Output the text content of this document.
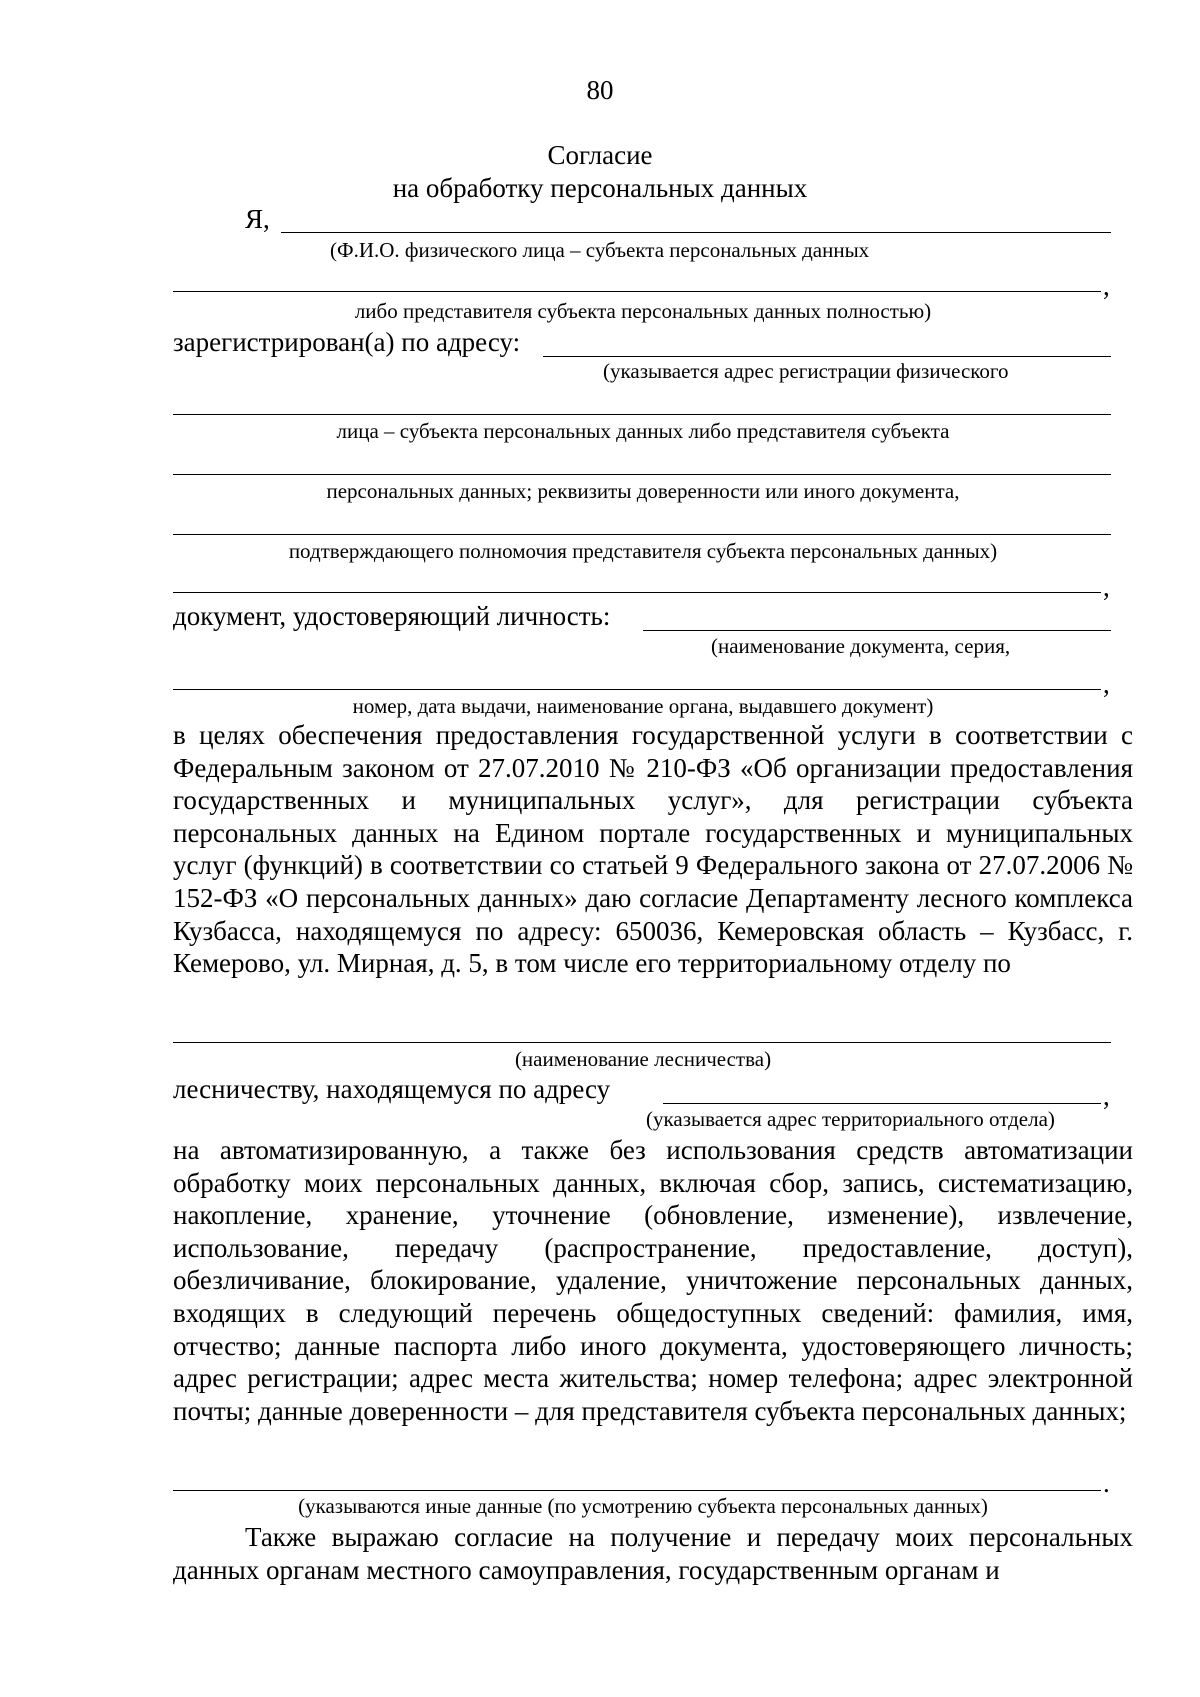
80
Согласие
на обработку персональных данных
Я,
(Ф.И.О. физического лица – субъекта персональных данных
,
либо представителя субъекта персональных данных полностью)
зарегистрирован(а) по адресу:
(указывается адрес регистрации физического
лица – субъекта персональных данных либо представителя субъекта
персональных данных; реквизиты доверенности или иного документа,
подтверждающего полномочия представителя субъекта персональных данных)
,
документ, удостоверяющий личность:
(наименование документа, серия,
,
номер, дата выдачи, наименование органа, выдавшего документ)

в целях обеспечения предоставления государственной услуги в соответствии с Федеральным законом от 27.07.2010 № 210-ФЗ «Об организации предоставления государственных и муниципальных услуг», для регистрации субъекта персональных данных на Едином портале государственных и муниципальных услуг (функций) в соответствии со статьей 9 Федерального закона от 27.07.2006 № 152-ФЗ «О персональных данных» даю согласие Департаменту лесного комплекса Кузбасса, находящемуся по адресу: 650036, Кемеровская область – Кузбасс, г. Кемерово, ул. Мирная, д. 5, в том числе его территориальному отделу по

(наименование лесничества)
лесничеству, находящемуся по адресу	,
(указывается адрес территориального отдела)

на автоматизированную, а также без использования средств автоматизации обработку моих персональных данных, включая сбор, запись, систематизацию, накопление, хранение, уточнение (обновление, изменение), извлечение, использование, передачу (распространение, предоставление, доступ), обезличивание, блокирование, удаление, уничтожение персональных данных, входящих в следующий перечень общедоступных сведений: фамилия, имя, отчество; данные паспорта либо иного документа, удостоверяющего личность; адрес регистрации; адрес места жительства; номер телефона; адрес электронной почты; данные доверенности – для представителя субъекта персональных данных;

.
(указываются иные данные (по усмотрению субъекта персональных данных)

Также выражаю согласие на получение и передачу моих персональных данных органам местного самоуправления, государственным органам и
